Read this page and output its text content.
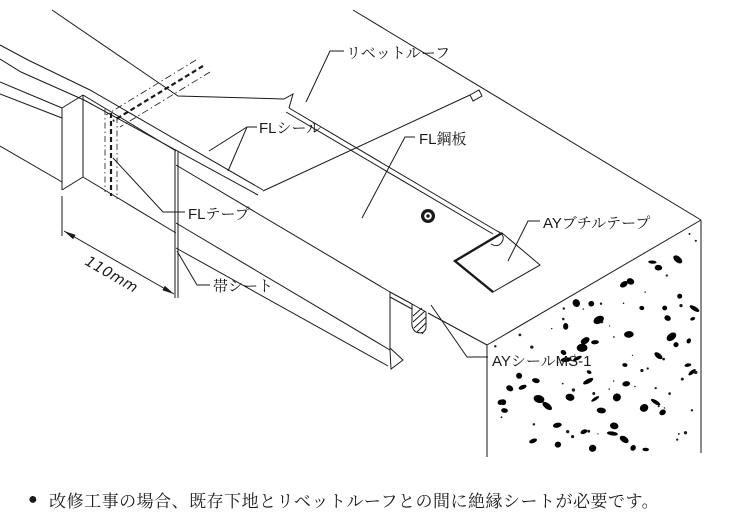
110mm
リベットルーフ
FLシール
FL鋼板
AYブチルテープ
AYシールMS-1
FLテープ
帯シート
● 改修工事の場合、既存下地とリベットルーフとの間に絶縁シートが必要です。
